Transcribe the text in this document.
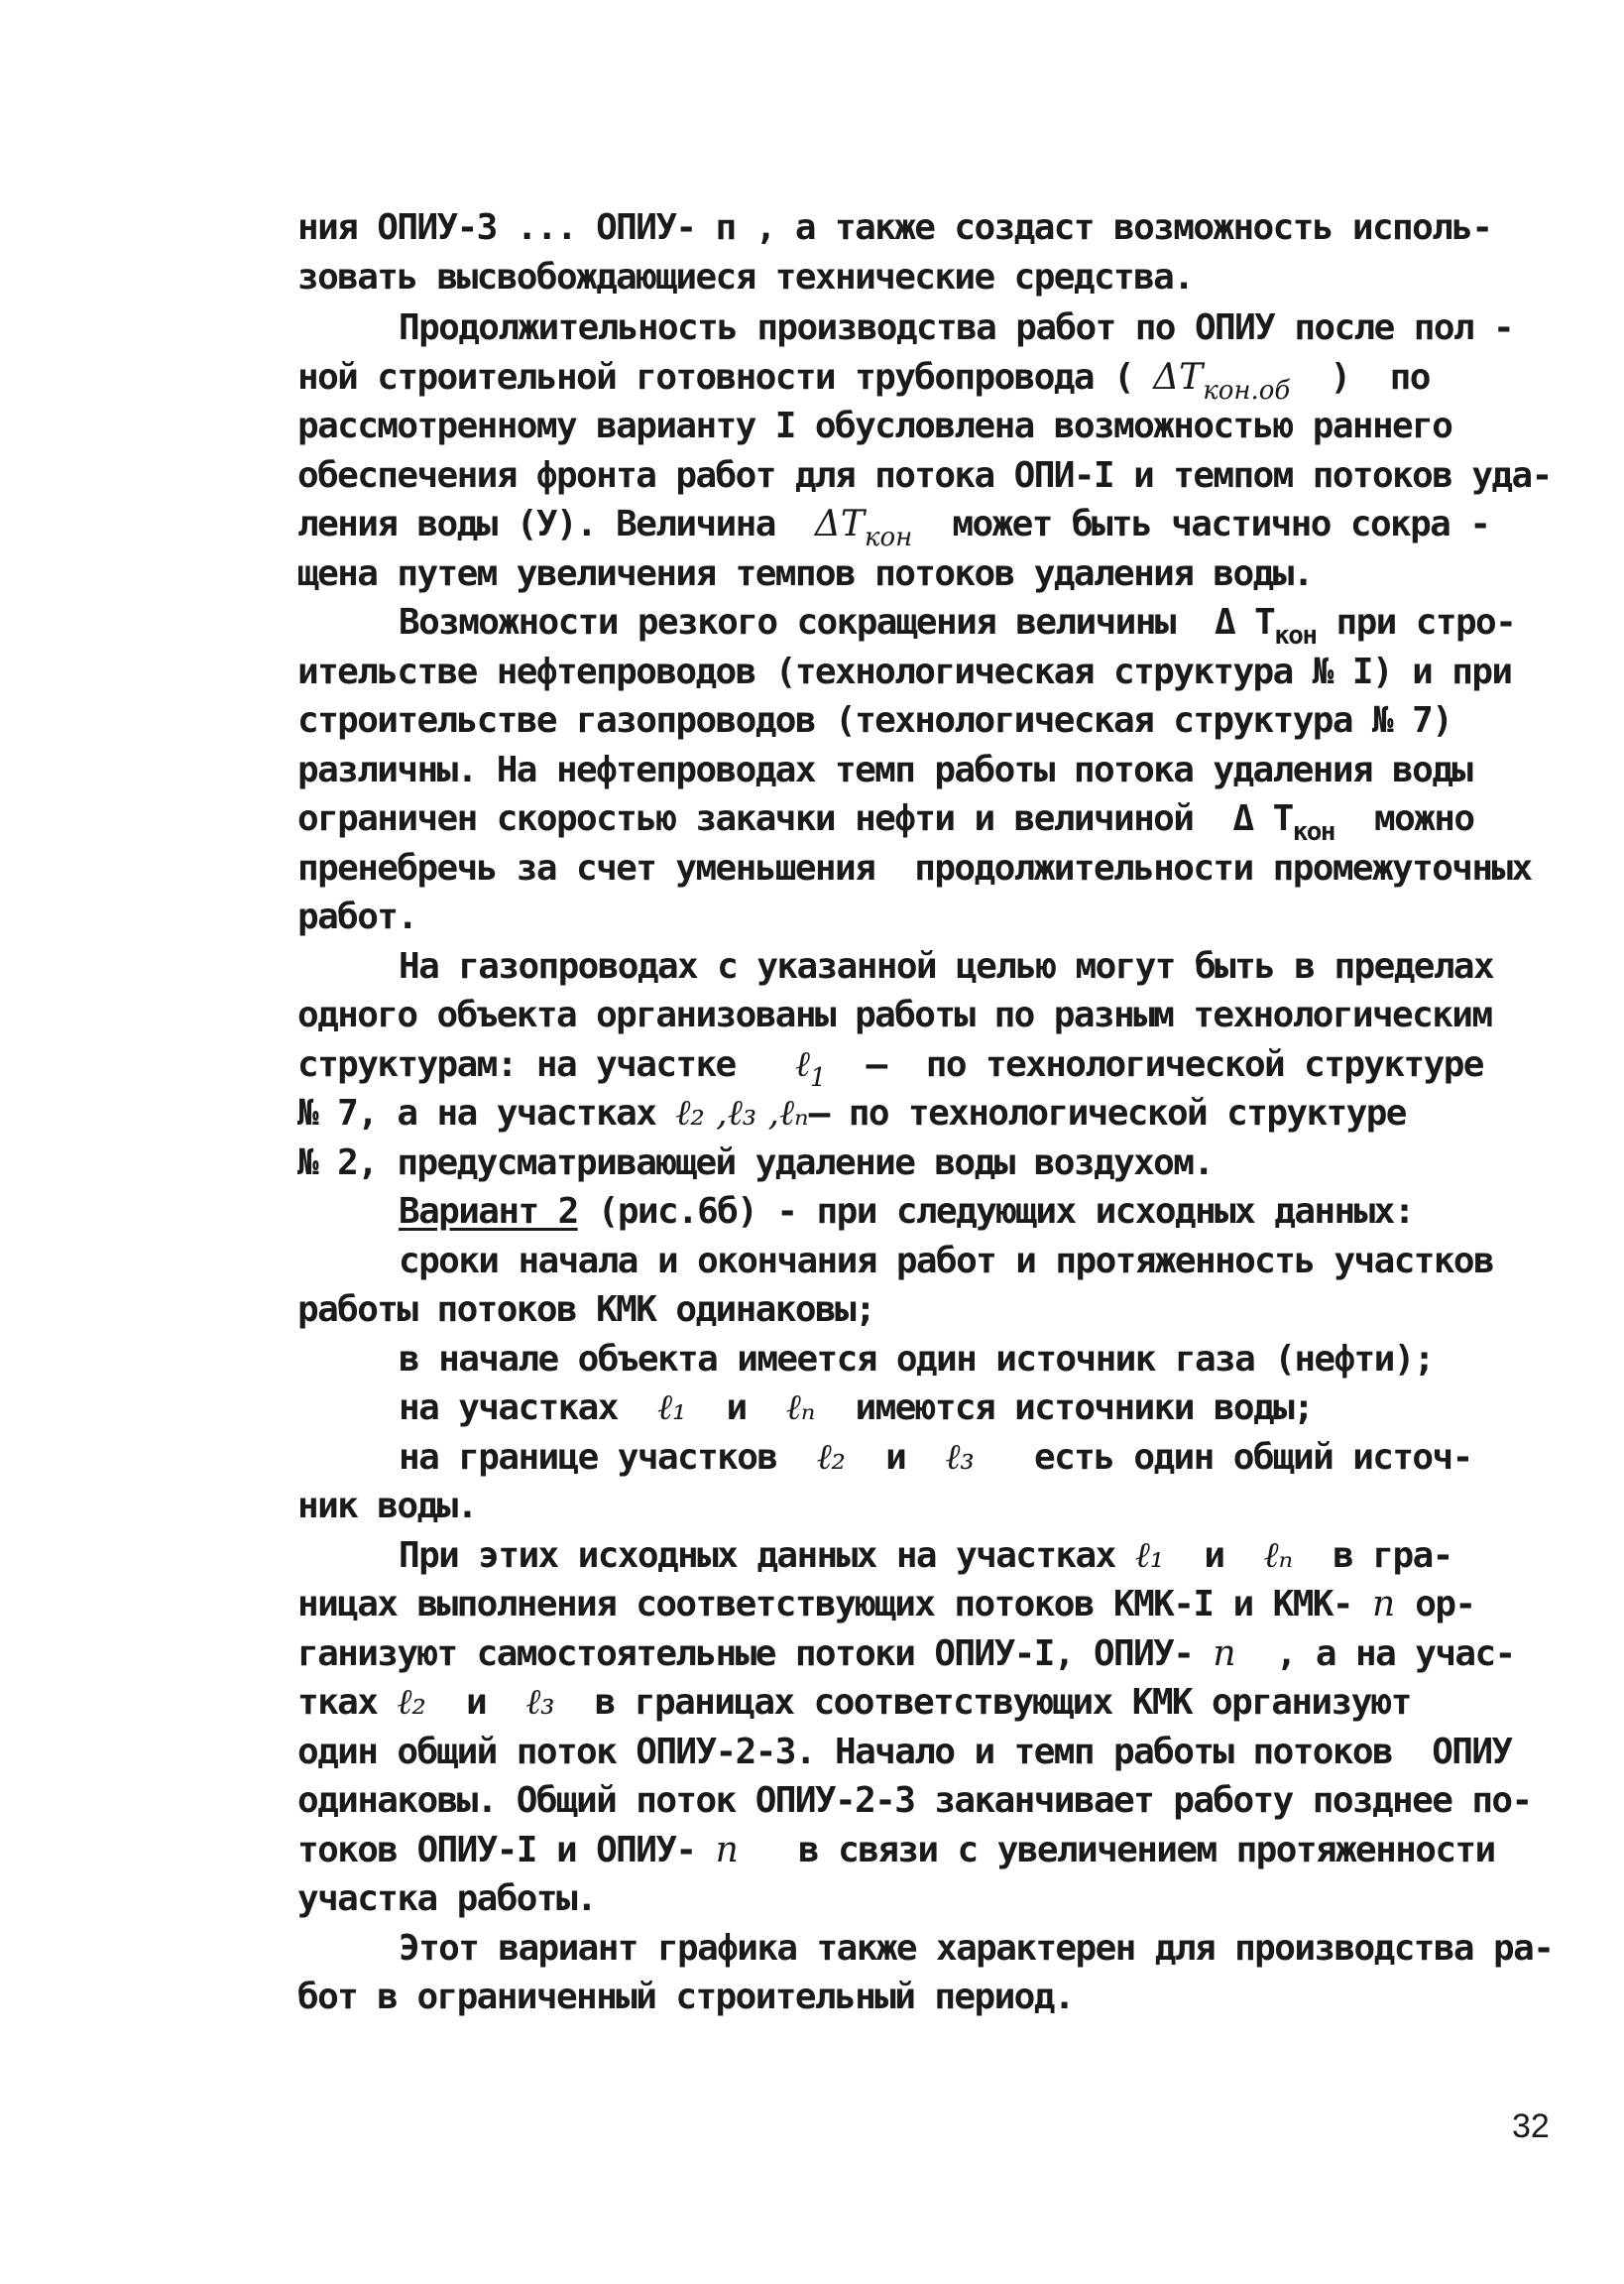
ния ОПИУ-З ... ОПИУ- п , а также создаст возможность исполь-
зовать высвобождающиеся технические средства.
Продолжительность производства работ по ОПИУ после пол -
ной строительной готовности трубопровода ( $\Delta T_{кон.об}$  )  по
рассмотренному варианту I обусловлена возможностью раннего
обеспечения фронта работ для потока ОПИ-I и темпом потоков уда-
ления воды (У). Величина  $\Delta T_{кон}$  может быть частично сокра -
щена путем увеличения темпов потоков удаления воды.
Возможности резкого сокращения величины  Δ $T_{кон}$ при стро-
ительстве нефтепроводов (технологическая структура № I) и при
строительстве газопроводов (технологическая структура № 7)
различны. На нефтепроводах темп работы потока удаления воды
ограничен скоростью закачки нефти и величиной  Δ $T_{кон}$  можно
пренебречь за счет уменьшения  продолжительности промежуточных
работ.
На газопроводах с указанной целью могут быть в пределах
одного объекта организованы работы по разным технологическим
структурам: на участке   ℓ$_1$  –  по технологической структуре
№ 7, а на участках ℓ₂ ,ℓ₃ ,ℓₙ– по технологической структуре
№ 2, предусматривающей удаление воды воздухом.
Вариант 2 (рис.6б) - при следующих исходных данных:
сроки начала и окончания работ и протяженность участков
работы потоков КМК одинаковы;
в начале объекта имеется один источник газа (нефти);
на участках  ℓ₁  и  ℓₙ  имеются источники воды;
на границе участков  ℓ₂  и  ℓ₃   есть один общий источ-
ник воды.
При этих исходных данных на участках ℓ₁  и  ℓₙ  в гра-
ницах выполнения соответствующих потоков КМК-I и КМК- п ор-
ганизуют самостоятельные потоки ОПИУ-I, ОПИУ- п  , а на учас-
тках ℓ₂  и  ℓ₃  в границах соответствующих КМК организуют
один общий поток ОПИУ-2-3. Начало и темп работы потоков  ОПИУ
одинаковы. Общий поток ОПИУ-2-3 заканчивает работу позднее по-
токов ОПИУ-I и ОПИУ- п   в связи с увеличением протяженности
участка работы.
Этот вариант графика также характерен для производства ра-
бот в ограниченный строительный период.
32
